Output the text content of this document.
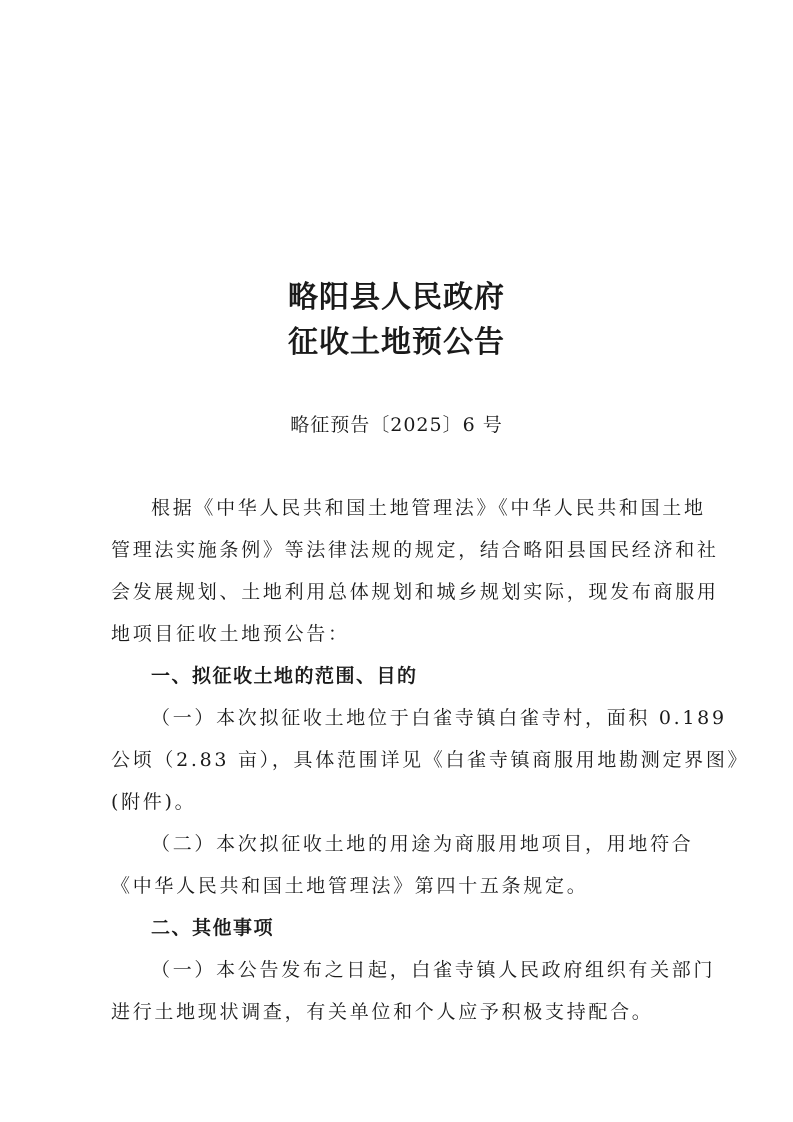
略阳县人民政府
征收土地预公告
略征预告〔2025〕6 号
根据《中华人民共和国土地管理法》《中华人民共和国土地
管理法实施条例》等法律法规的规定，结合略阳县国民经济和社
会发展规划、土地利用总体规划和城乡规划实际，现发布商服用
地项目征收土地预公告：
一、拟征收土地的范围、目的
（一）本次拟征收土地位于白雀寺镇白雀寺村，面积 0.189
公顷（2.83 亩），具体范围详见《白雀寺镇商服用地勘测定界图》
(附件)。
（二）本次拟征收土地的用途为商服用地项目，用地符合
《中华人民共和国土地管理法》第四十五条规定。
二、其他事项
（一）本公告发布之日起，白雀寺镇人民政府组织有关部门
进行土地现状调查，有关单位和个人应予积极支持配合。
